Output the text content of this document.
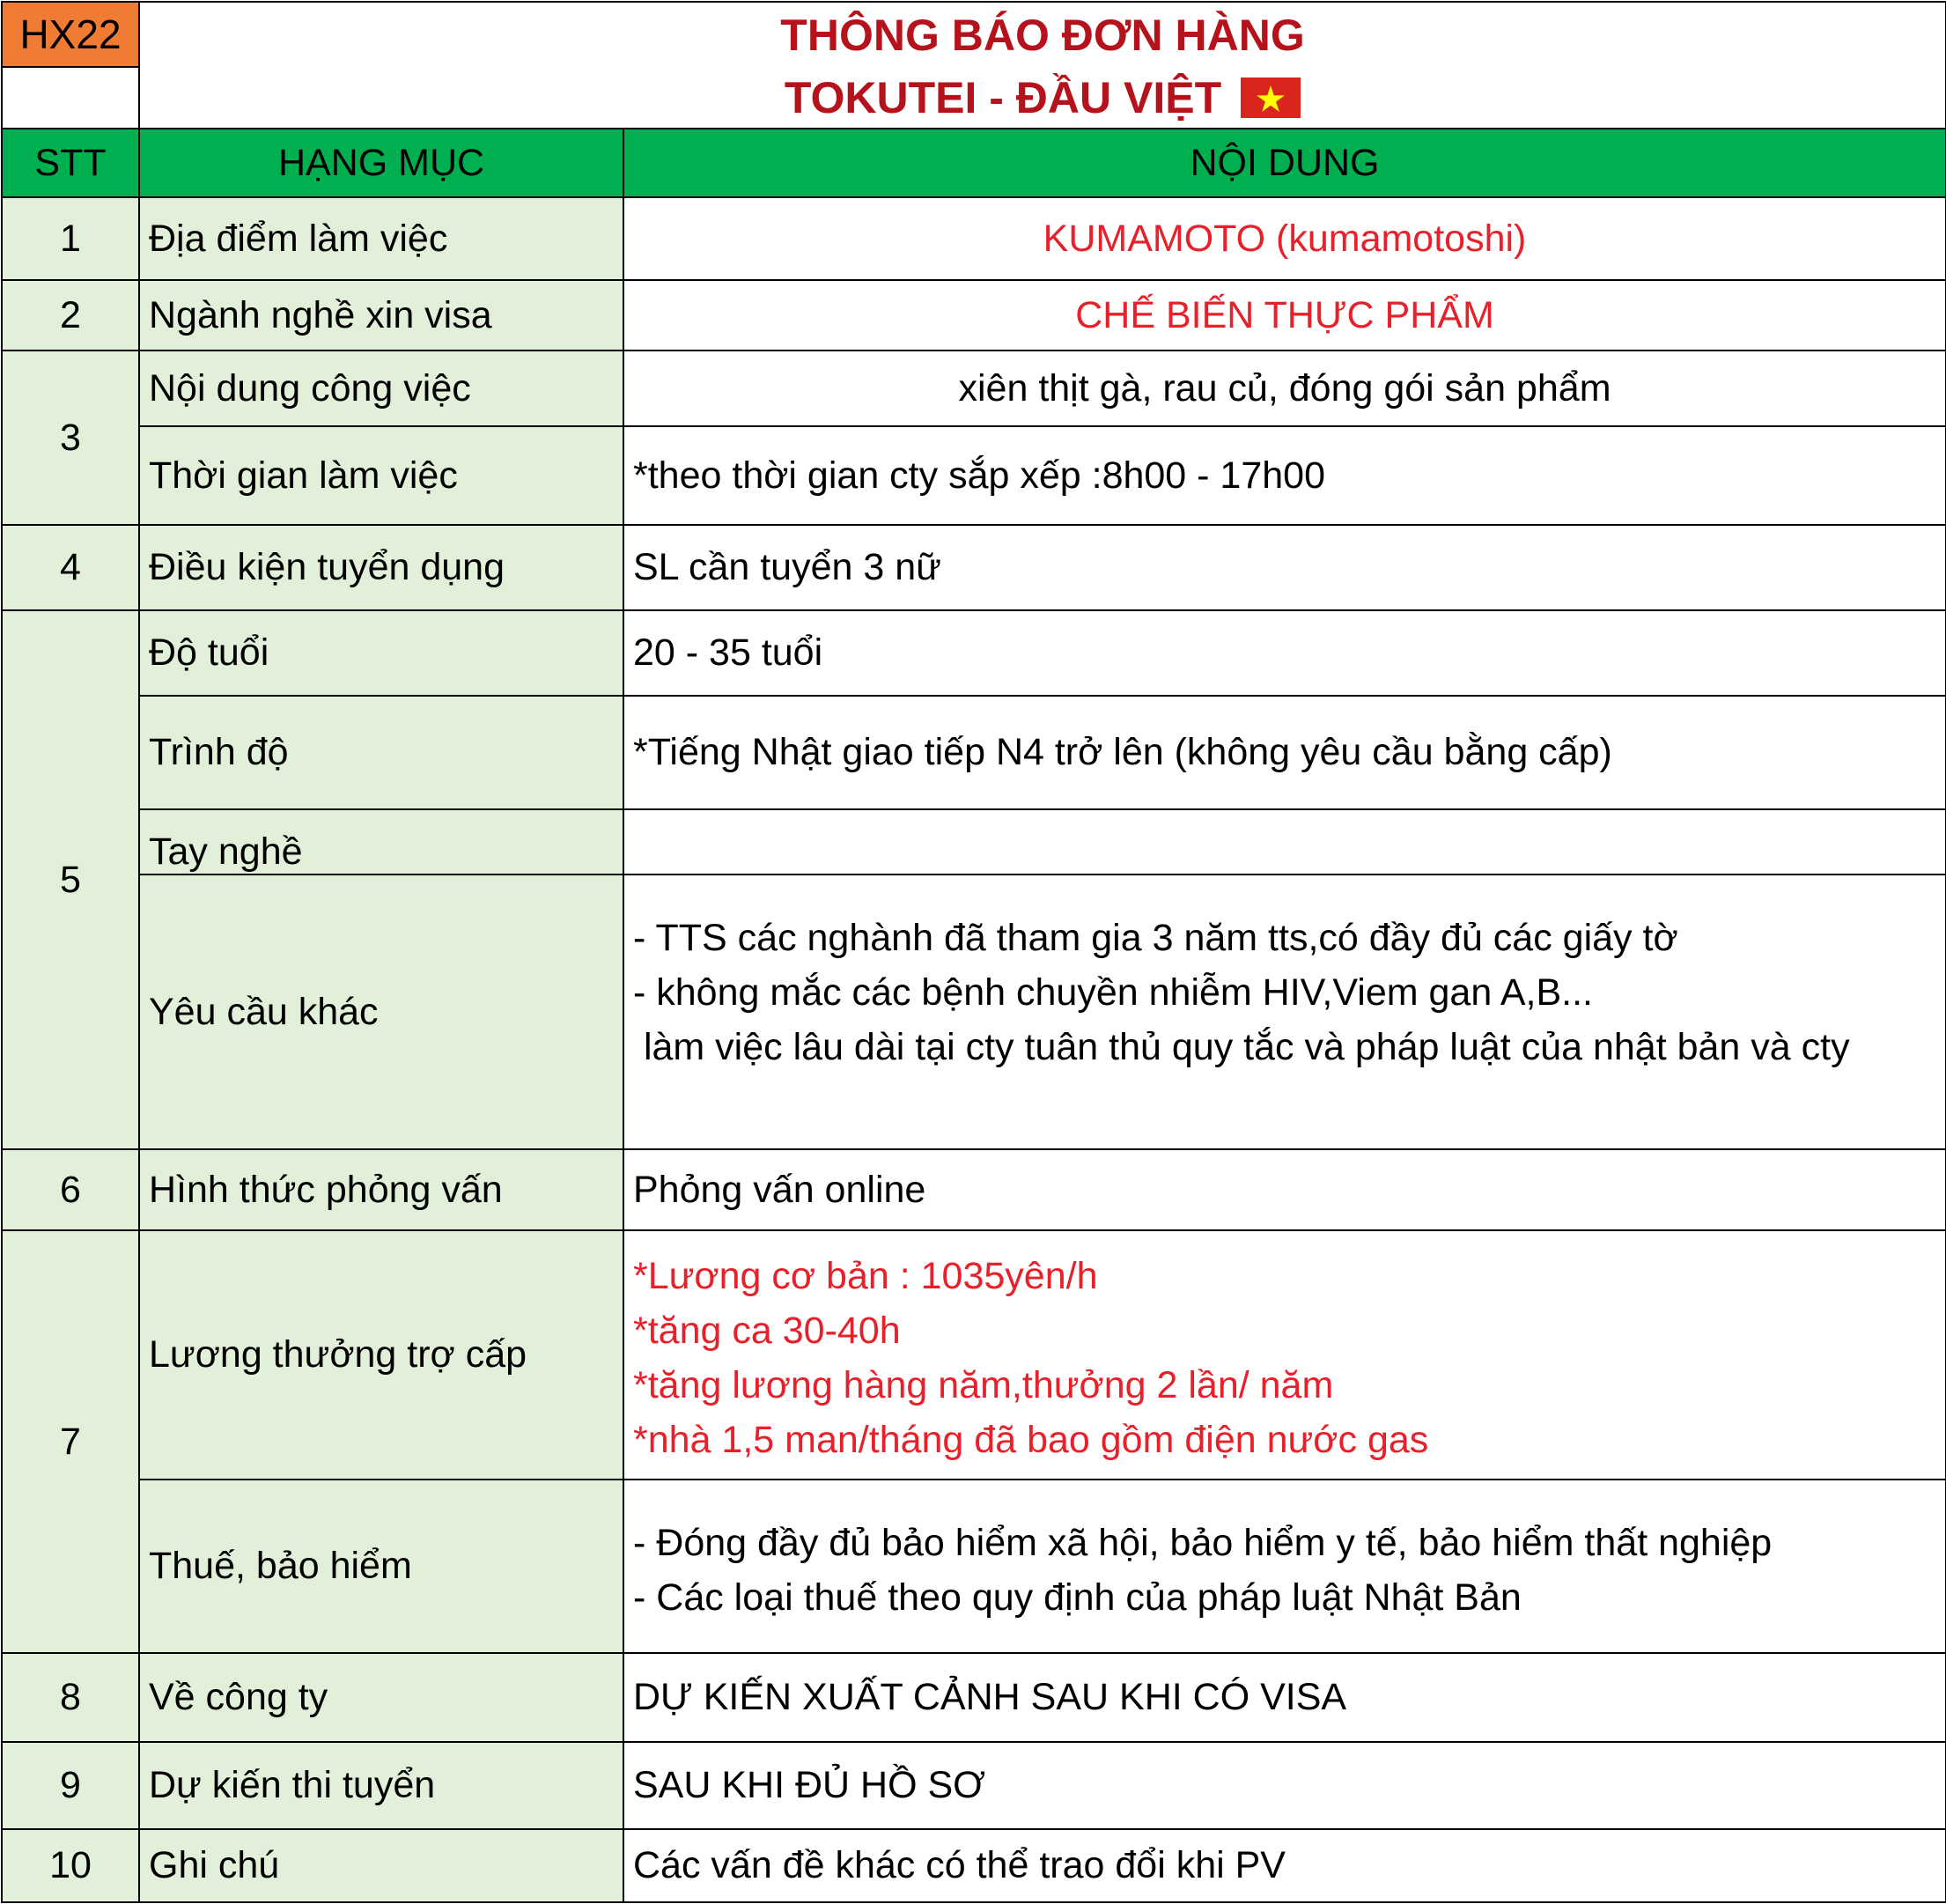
HX22	THÔNG BÁO ĐƠN HÀNG	

	TOKUTEI - ĐẦU VIỆT	

STT	HẠNG MỤC	NỘI DUNG
1	Địa điểm làm việc	KUMAMOTO (kumamotoshi)
2	Ngành nghề xin visa	CHẾ BIẾN THỰC PHẨM
3	Nội dung công việc	xiên thịt gà, rau củ, đóng gói sản phẩm
	Thời gian làm việc	*theo thời gian cty sắp xếp :8h00 - 17h00
4	Điều kiện tuyển dụng	SL cần tuyển 3 nữ
5	Độ tuổi	20 - 35 tuổi
	Trình độ	*Tiếng Nhật giao tiếp N4 trở lên (không yêu cầu bằng cấp)
	Tay nghề	
	Yêu cầu khác	- TTS các nghành đã tham gia 3 năm tts,có đầy đủ các giấy tờ
- không mắc các bệnh chuyền nhiễm HIV,Viem gan A,B...
làm việc lâu dài tại cty tuân thủ quy tắc và pháp luật của nhật bản và cty

6	Hình thức phỏng vấn	Phỏng vấn online
7	Lương thưởng trợ cấp	*Lương cơ bản : 1035yên/h
*tăng ca 30-40h
*tăng lương hàng năm,thưởng 2 lần/ năm
*nhà 1,5 man/tháng đã bao gồm điện nước gas

	Thuế, bảo hiểm	- Đóng đầy đủ bảo hiểm xã hội, bảo hiểm y tế, bảo hiểm thất nghiệp
- Các loại thuế theo quy định của pháp luật Nhật Bản

8	Về công ty	DỰ KIẾN XUẤT CẢNH SAU KHI CÓ VISA
9	Dự kiến thi tuyển	SAU KHI ĐỦ HỒ SƠ
10	Ghi chú	Các vấn đề khác có thể trao đổi khi PV
